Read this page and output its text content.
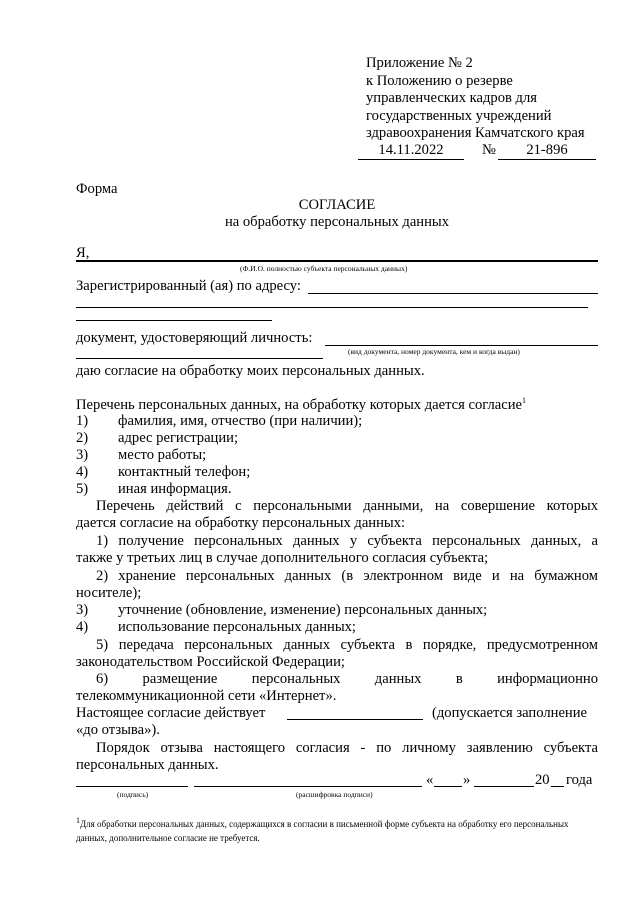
Приложение № 2
к Положению о резерве
управленческих кадров для
государственных учреждений
здравоохранения Камчатского края
14.11.2022	№	21-896
Форма
СОГЛАСИЕ
на обработку персональных данных
Я,
(Ф.И.О. полностью субъекта персональных данных)
Зарегистрированный (ая) по адресу:
документ, удостоверяющий личность:
(вид документа, номер документа, кем и когда выдан)
даю согласие на обработку моих персональных данных.
Перечень персональных данных, на обработку которых дается согласие$^1$
1) фамилия, имя, отчество (при наличии);
2) адрес регистрации;
3) место работы;
4) контактный телефон;
5) иная информация.
Перечень действий с персональными данными, на совершение которых
дается согласие на обработку персональных данных:
1) получение персональных данных у субъекта персональных данных, а
также у третьих лиц в случае дополнительного согласия субъекта;
2) хранение персональных данных (в электронном виде и на бумажном
носителе);
3) уточнение (обновление, изменение) персональных данных;
4) использование персональных данных;
5) передача персональных данных субъекта в порядке, предусмотренном
законодательством Российской Федерации;
6) размещение персональных данных в информационно
телекоммуникационной сети «Интернет».
Настоящее согласие действует	(допускается заполнение
«до отзыва»).
Порядок отзыва настоящего согласия - по личному заявлению субъекта
персональных данных.
« »	20 года
(подпись)	(расшифровка подписи)
1Для обработки персональных данных, содержащихся в согласии в письменной форме субъекта на обработку его персональных данных, дополнительное согласие не требуется.
